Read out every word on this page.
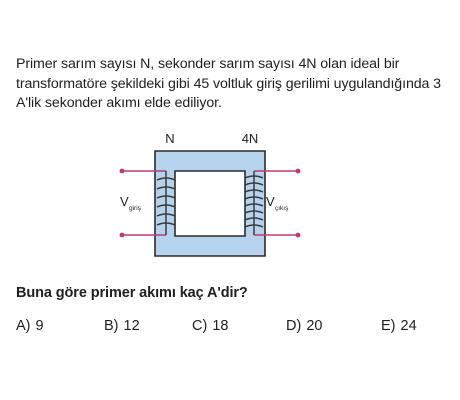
Primer sarım sayısı N, sekonder sarım sayısı 4N olan ideal bir transformatöre şekildeki gibi 45 voltluk giriş gerilimi uygulandığında 3 A'lik sekonder akımı elde ediliyor.
N	4N
V giriş	V çıkış
Buna göre primer akımı kaç A'dir?
A) 9	B) 12	C) 18	D) 20	E) 24
